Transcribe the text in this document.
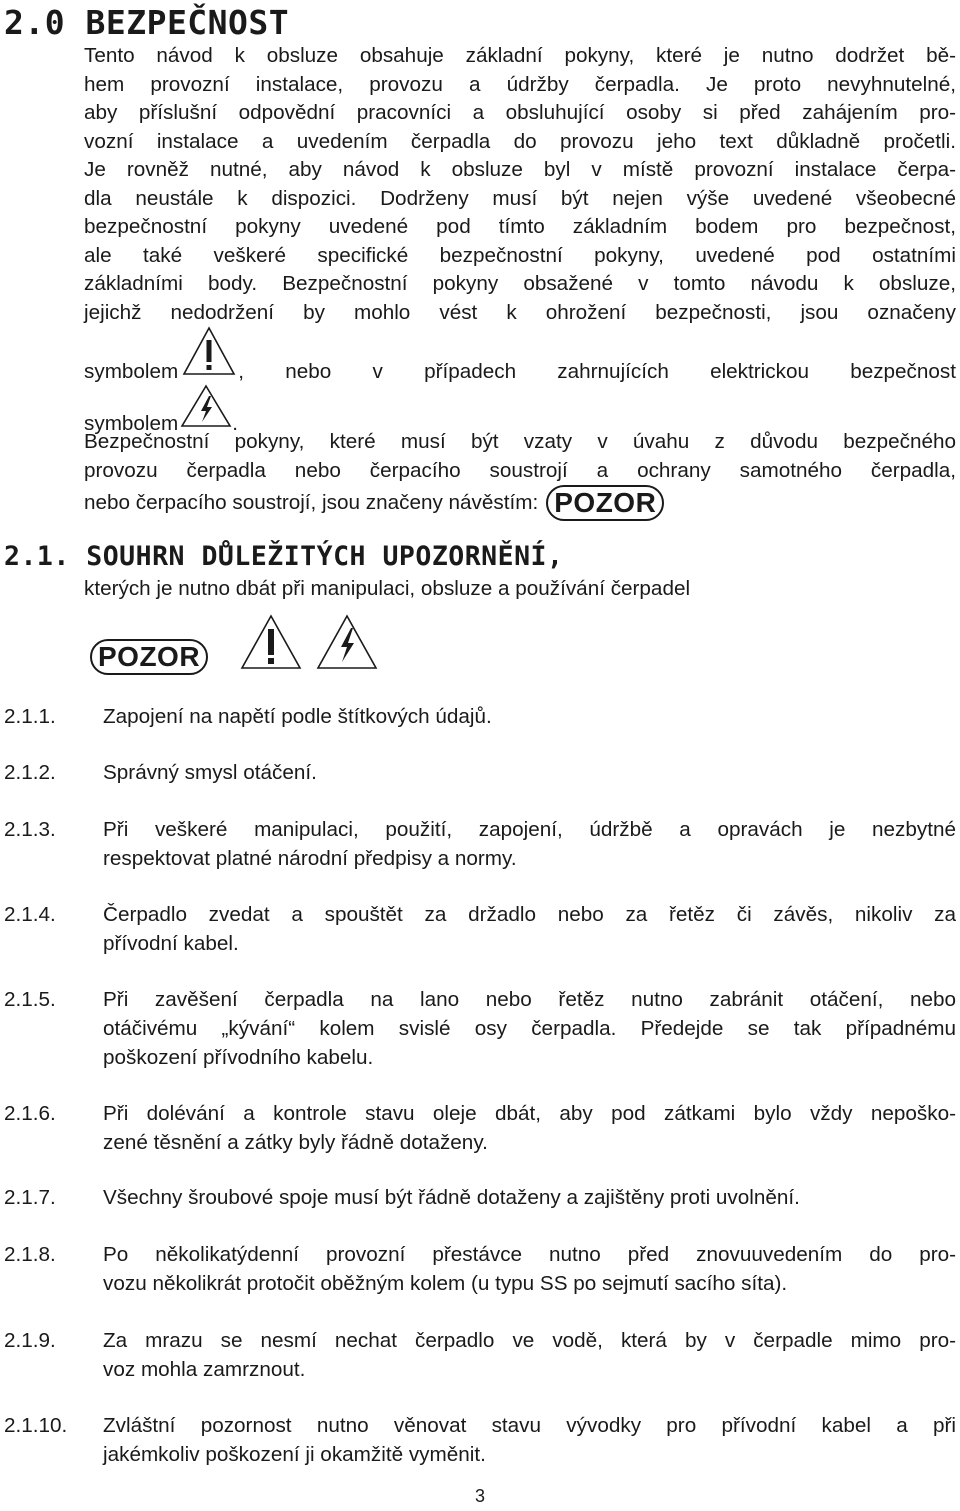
2.0 BEZPEČNOST
Tento návod k obsluze obsahuje základní pokyny, které je nutno dodržet bě-
hem provozní instalace, provozu a údržby čerpadla. Je proto nevyhnutelné,
aby příslušní odpovědní pracovníci a obsluhující osoby si před zahájením pro-
vozní instalace a uvedením čerpadla do provozu jeho text důkladně pročetli.
Je rovněž nutné, aby návod k obsluze byl v místě provozní instalace čerpa-
dla neustále k dispozici. Dodrženy musí být nejen výše uvedené všeobecné
bezpečnostní pokyny uvedené pod tímto základním bodem pro bezpečnost,
ale také veškeré specifické bezpečnostní pokyny, uvedené pod ostatními
základními body. Bezpečnostní pokyny obsažené v tomto návodu k obsluze,
jejichž nedodržení by mohlo vést k ohrožení bezpečnosti, jsou označeny
symbolem	, nebo v případech zahrnujících elektrickou bezpečnost
symbolem	.
Bezpečnostní pokyny, které musí být vzaty v úvahu z důvodu bezpečného
provozu čerpadla nebo čerpacího soustrojí a ochrany samotného čerpadla,
nebo čerpacího soustrojí, jsou značeny návěstím: POZOR
2.1. SOUHRN DŮLEŽITÝCH UPOZORNĚNÍ,
kterých je nutno dbát při manipulaci, obsluze a používání čerpadel
POZOR
2.1.1. Zapojení na napětí podle štítkových údajů.
2.1.2. Správný smysl otáčení.
2.1.3. Při veškeré manipulaci, použití, zapojení, údržbě a opravách je nezbytné
respektovat platné národní předpisy a normy.
2.1.4. Čerpadlo zvedat a spouštět za držadlo nebo za řetěz či závěs, nikoliv za
přívodní kabel.
2.1.5. Při zavěšení čerpadla na lano nebo řetěz nutno zabránit otáčení, nebo
otáčivému „kývání“ kolem svislé osy čerpadla. Předejde se tak případnému
poškození přívodního kabelu.
2.1.6. Při dolévání a kontrole stavu oleje dbát, aby pod zátkami bylo vždy nepoško-
zené těsnění a zátky byly řádně dotaženy.
2.1.7. Všechny šroubové spoje musí být řádně dotaženy a zajištěny proti uvolnění.
2.1.8. Po několikatýdenní provozní přestávce nutno před znovuuvedením do pro-
vozu několikrát protočit oběžným kolem (u typu SS po sejmutí sacího síta).
2.1.9. Za mrazu se nesmí nechat čerpadlo ve vodě, která by v čerpadle mimo pro-
voz mohla zamrznout.
2.1.10. Zvláštní pozornost nutno věnovat stavu vývodky pro přívodní kabel a při
jakémkoliv poškození ji okamžitě vyměnit.
3
